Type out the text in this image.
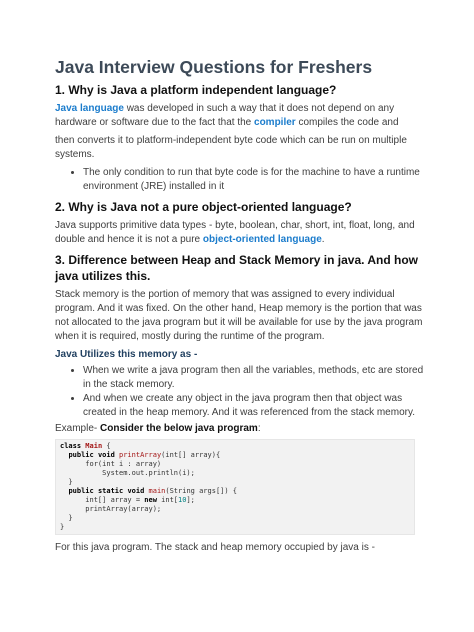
Java Interview Questions for Freshers
1. Why is Java a platform independent language?

Java language was developed in such a way that it does not depend on any hardware or software due to the fact that the compiler compiles the code and

then converts it to platform-independent byte code which can be run on multiple systems.

• The only condition to run that byte code is for the machine to have a runtime environment (JRE) installed in it
2. Why is Java not a pure object-oriented language?

Java supports primitive data types - byte, boolean, char, short, int, float, long, and double and hence it is not a pure object-oriented language.

3. Difference between Heap and Stack Memory in java. And how java utilizes this.

Stack memory is the portion of memory that was assigned to every individual program. And it was fixed. On the other hand, Heap memory is the portion that was not allocated to the java program but it will be available for use by the java program when it is required, mostly during the runtime of the program.

Java Utilizes this memory as -
• When we write a java program then all the variables, methods, etc are stored in the stack memory.
• And when we create any object in the java program then that object was created in the heap memory. And it was referenced from the stack memory.

Example- Consider the below java program:

class Main {
public void printArray(int[] array){
for(int i : array)
System.out.println(i);
}
public static void main(String args[]) {
int[] array = new int[10];
printArray(array);
}
}

For this java program. The stack and heap memory occupied by java is -
